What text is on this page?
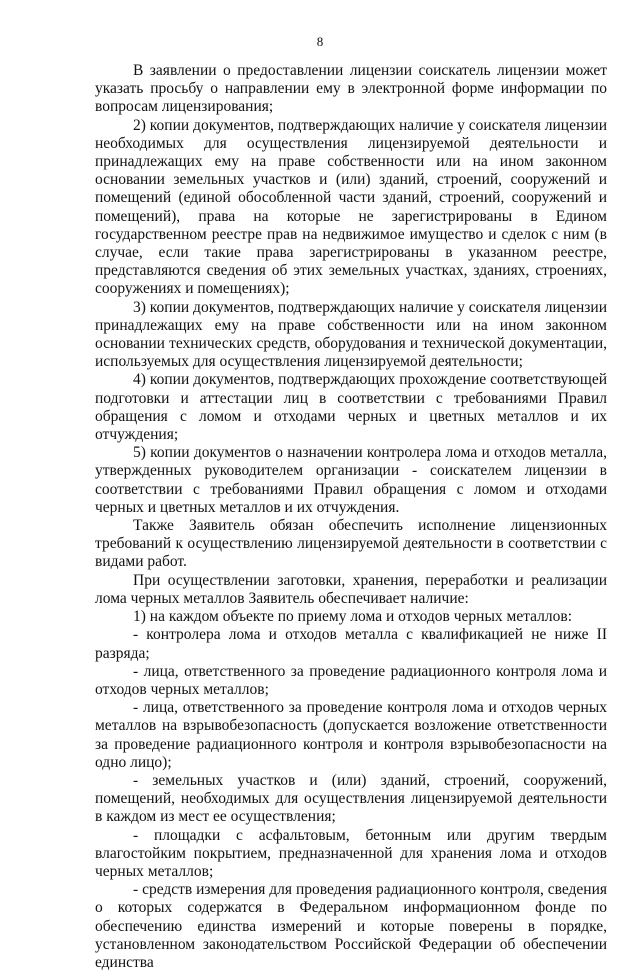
8

В заявлении о предоставлении лицензии соискатель лицензии может указать просьбу о направлении ему в электронной форме информации по вопросам лицензирования;

2) копии документов, подтверждающих наличие у соискателя лицензии необходимых для осуществления лицензируемой деятельности и принадлежащих ему на праве собственности или на ином законном основании земельных участков и (или) зданий, строений, сооружений и помещений (единой обособленной части зданий, строений, сооружений и помещений), права на которые не зарегистрированы в Едином государственном реестре прав на недвижимое имущество и сделок с ним (в случае, если такие права зарегистрированы в указанном реестре, представляются сведения об этих земельных участках, зданиях, строениях, сооружениях и помещениях);

3) копии документов, подтверждающих наличие у соискателя лицензии принадлежащих ему на праве собственности или на ином законном основании технических средств, оборудования и технической документации, используемых для осуществления лицензируемой деятельности;

4) копии документов, подтверждающих прохождение соответствующей подготовки и аттестации лиц в соответствии с требованиями Правил обращения с ломом и отходами черных и цветных металлов и их отчуждения;

5) копии документов о назначении контролера лома и отходов металла, утвержденных руководителем организации - соискателем лицензии в соответствии с требованиями Правил обращения с ломом и отходами черных и цветных металлов и их отчуждения.

Также Заявитель обязан обеспечить исполнение лицензионных требований к осуществлению лицензируемой деятельности в соответствии с видами работ.

При осуществлении заготовки, хранения, переработки и реализации лома черных металлов Заявитель обеспечивает наличие:

1) на каждом объекте по приему лома и отходов черных металлов:

- контролера лома и отходов металла с квалификацией не ниже II разряда;

- лица, ответственного за проведение радиационного контроля лома и отходов черных металлов;

- лица, ответственного за проведение контроля лома и отходов черных металлов на взрывобезопасность (допускается возложение ответственности за проведение радиационного контроля и контроля взрывобезопасности на одно лицо);

- земельных участков и (или) зданий, строений, сооружений, помещений, необходимых для осуществления лицензируемой деятельности в каждом из мест ее осуществления;

- площадки с асфальтовым, бетонным или другим твердым влагостойким покрытием, предназначенной для хранения лома и отходов черных металлов;

- средств измерения для проведения радиационного контроля, сведения о которых содержатся в Федеральном информационном фонде по обеспечению единства измерений и которые поверены в порядке, установленном законодательством Российской Федерации об обеспечении единства
